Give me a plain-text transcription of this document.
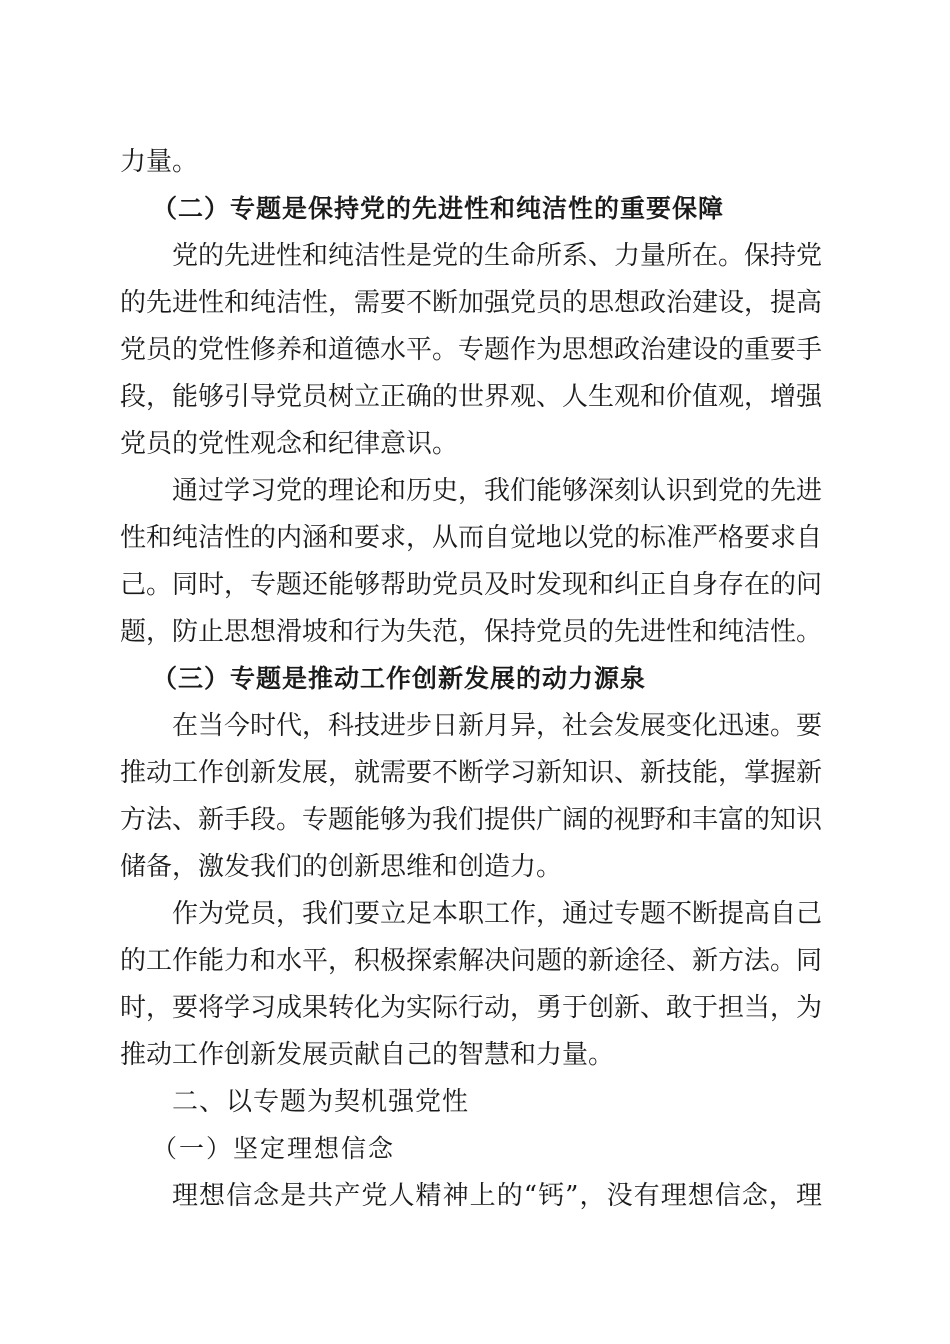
力量。
（二）专题是保持党的先进性和纯洁性的重要保障
党的先进性和纯洁性是党的生命所系、力量所在。保持党
的先进性和纯洁性，需要不断加强党员的思想政治建设，提高
党员的党性修养和道德水平。专题作为思想政治建设的重要手
段，能够引导党员树立正确的世界观、人生观和价值观，增强
党员的党性观念和纪律意识。
通过学习党的理论和历史，我们能够深刻认识到党的先进
性和纯洁性的内涵和要求，从而自觉地以党的标准严格要求自
己。同时，专题还能够帮助党员及时发现和纠正自身存在的问
题，防止思想滑坡和行为失范，保持党员的先进性和纯洁性。
（三）专题是推动工作创新发展的动力源泉
在当今时代，科技进步日新月异，社会发展变化迅速。要
推动工作创新发展，就需要不断学习新知识、新技能，掌握新
方法、新手段。专题能够为我们提供广阔的视野和丰富的知识
储备，激发我们的创新思维和创造力。
作为党员，我们要立足本职工作，通过专题不断提高自己
的工作能力和水平，积极探索解决问题的新途径、新方法。同
时，要将学习成果转化为实际行动，勇于创新、敢于担当，为
推动工作创新发展贡献自己的智慧和力量。
二、以专题为契机强党性
（一）坚定理想信念
理想信念是共产党人精神上的“钙”，没有理想信念，理
